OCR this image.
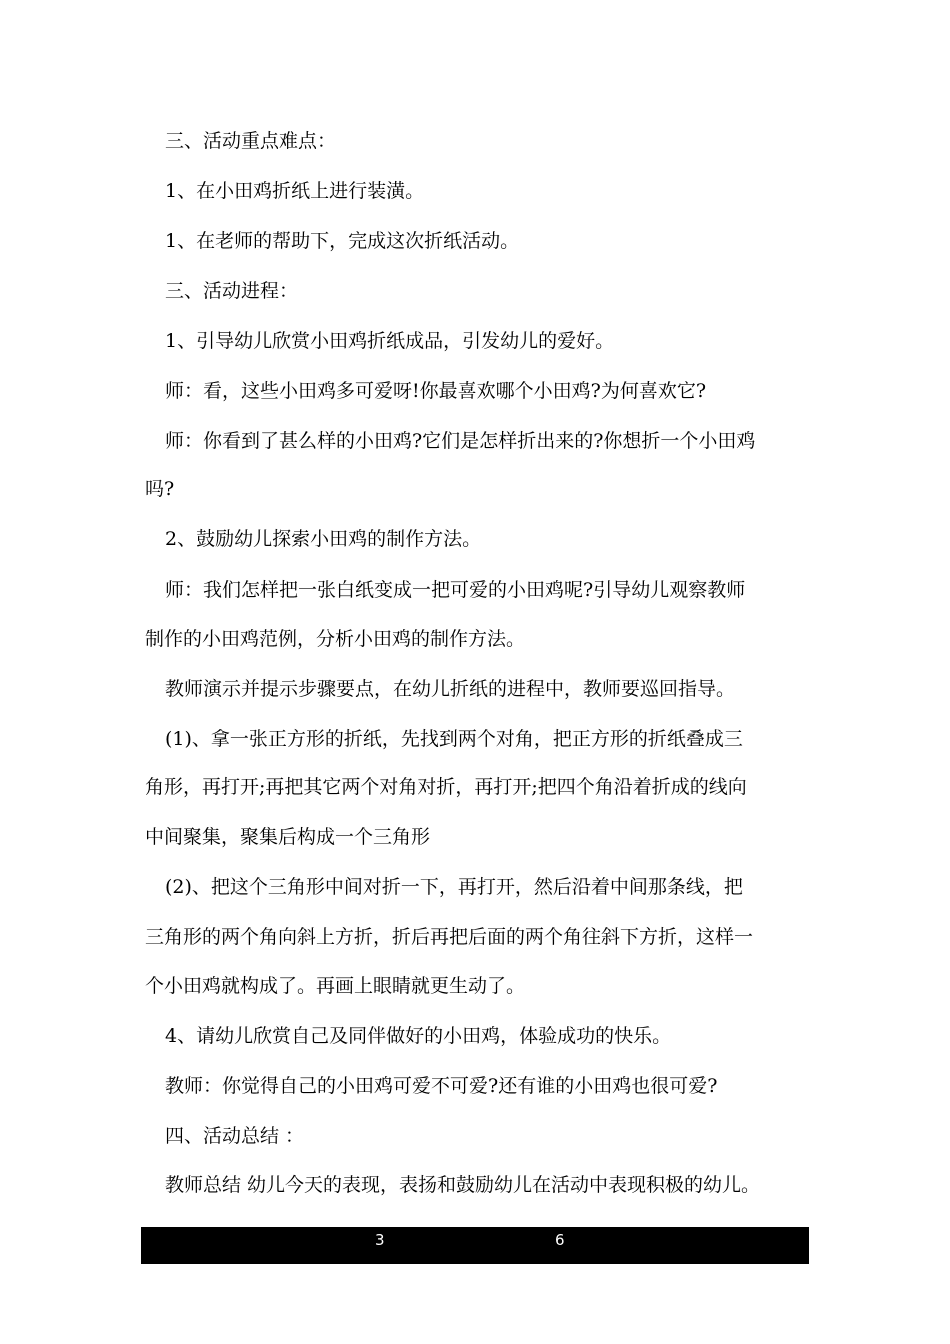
三、活动重点难点：
1、在小田鸡折纸上进行装潢。
1、在老师的帮助下，完成这次折纸活动。
三、活动进程：
1、引导幼儿欣赏小田鸡折纸成品，引发幼儿的爱好。
师：看，这些小田鸡多可爱呀!你最喜欢哪个小田鸡?为何喜欢它?
师：你看到了甚么样的小田鸡?它们是怎样折出来的?你想折一个小田鸡
吗?
2、鼓励幼儿探索小田鸡的制作方法。
师：我们怎样把一张白纸变成一把可爱的小田鸡呢?引导幼儿观察教师
制作的小田鸡范例，分析小田鸡的制作方法。
教师演示并提示步骤要点，在幼儿折纸的进程中，教师要巡回指导。
(1)、拿一张正方形的折纸，先找到两个对角，把正方形的折纸叠成三
角形，再打开;再把其它两个对角对折，再打开;把四个角沿着折成的线向
中间聚集，聚集后构成一个三角形
(2)、把这个三角形中间对折一下，再打开，然后沿着中间那条线，把
三角形的两个角向斜上方折，折后再把后面的两个角往斜下方折，这样一
个小田鸡就构成了。再画上眼睛就更生动了。
4、请幼儿欣赏自己及同伴做好的小田鸡，体验成功的快乐。
教师：你觉得自己的小田鸡可爱不可爱?还有谁的小田鸡也很可爱?
四、活动总结 ：
教师总结 幼儿今天的表现，表扬和鼓励幼儿在活动中表现积极的幼儿。
3	6
